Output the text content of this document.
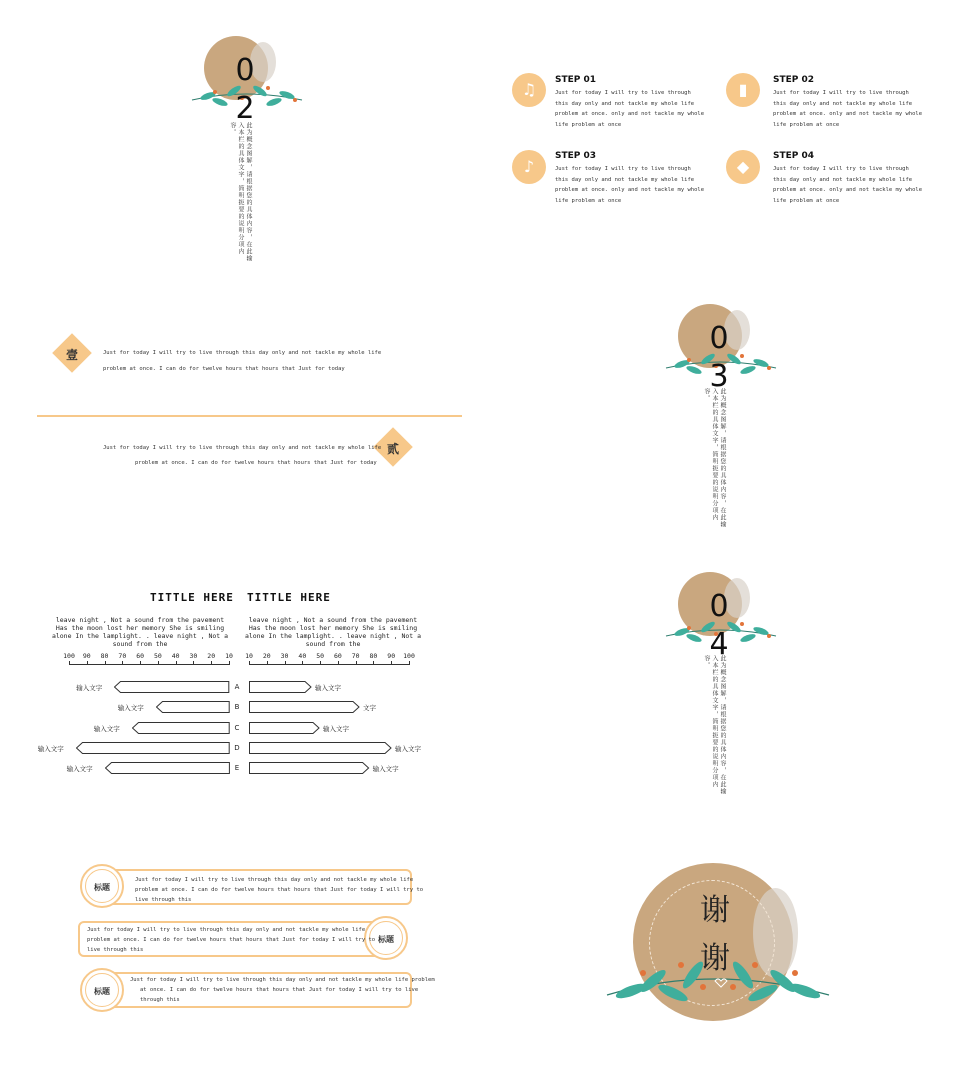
0
2
此为概念图解，请根据您的具体内容，在此输入本栏的具体文字，简明扼要的说明分项内容。
♫	STEP 01
Just for today I will try to live through this day only and not tackle my whole life problem at once. only and not tackle my whole life problem at once
▮	STEP 02
Just for today I will try to live through this day only and not tackle my whole life problem at once. only and not tackle my whole life problem at once
♪
STEP 03
Just for today I will try to live through this day only and not tackle my whole life problem at once. only and not tackle my whole life problem at once
◆
STEP 04
Just for today I will try to live through this day only and not tackle my whole life problem at once. only and not tackle my whole life problem at once
壹	Just for today I will try to live through this day only and not tackle my whole life
problem at once. I can do for twelve hours that hours that Just for today
贰
Just for today I will try to live through this day only and not tackle my whole life
problem at once. I can do for twelve hours that hours that Just for today
0
3
此为概念图解，请根据您的具体内容，在此输入本栏的具体文字，简明扼要的说明分项内容。
TITTLE HERE TITTLE HERE
leave night , Not a sound from the pavement Has the moon lost her memory She is smiling alone In the lamplight. . leave night , Not a sound from the
leave night , Not a sound from the pavement Has the moon lost her memory She is smiling alone In the lamplight. . leave night , Not a sound from the
0
4
此为概念图解，请根据您的具体内容，在此输入本栏的具体文字，简明扼要的说明分项内容。
标题
Just for today I will try to live through this day only and not tackle my whole life
problem at once. I can do for twelve hours that hours that Just for today I will try to
live through this
标题
Just for today I will try to live through this day only and not tackle my whole life
problem at once. I can do for twelve hours that hours that Just for today I will try to
live through this
标题
Just for today I will try to live through this day only and not tackle my whole life problem
at once. I can do for twelve hours that hours that Just for today I will try to live
through this
谢
谢
100	90	80	70	60	50	40	30	20	10	10	20	30	40	50	60	70	80	90	100
输入文字	A	输入文字
输入文字	B	文字
输入文字	C	输入文字
输入文字	D	输入文字
输入文字	E	输入文字
